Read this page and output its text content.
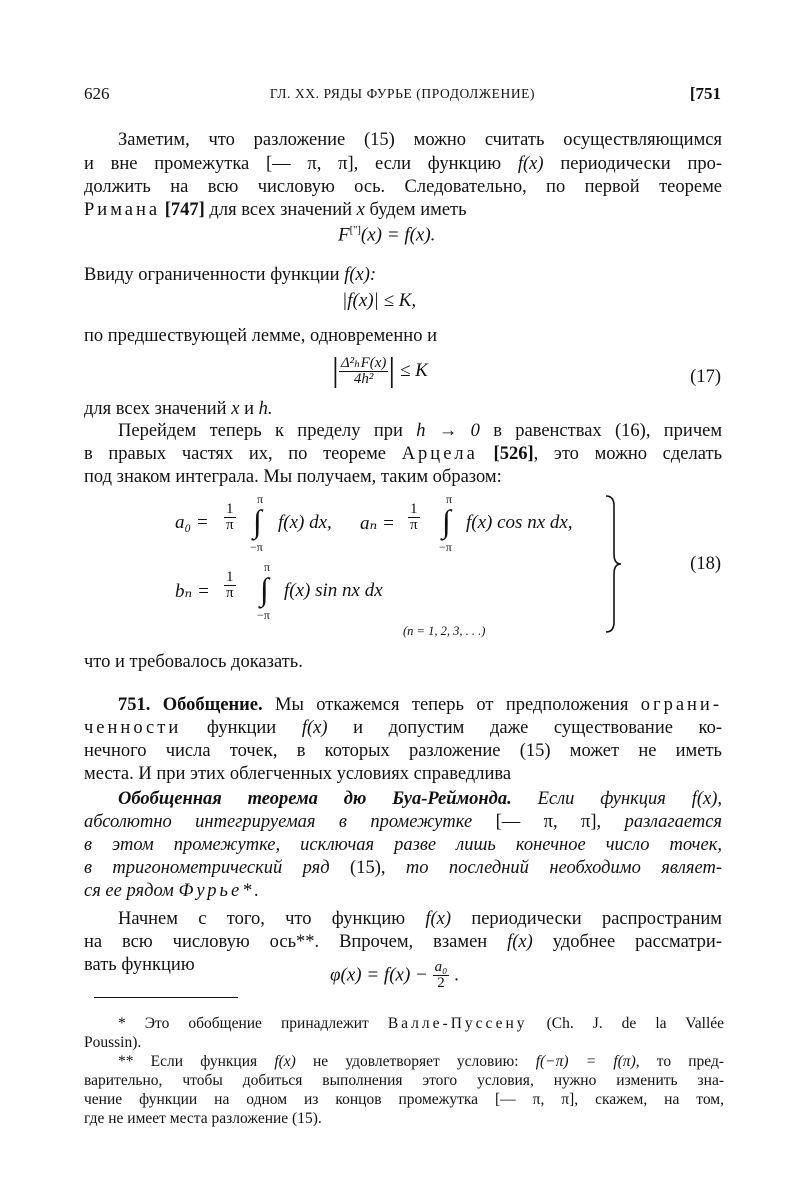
626	ГЛ. XX. РЯДЫ ФУРЬЕ (ПРОДОЛЖЕНИЕ)	[751
Заметим, что разложение (15) можно считать осуществляющимся
и вне промежутка [— π, π], если функцию f(x) периодически про-
должить на всю числовую ось. Следовательно, по первой теореме
Римана [747] для всех значений x будем иметь
F[''](x) = f(x).
Ввиду ограниченности функции f(x):
|f(x)| ≤ K,
по предшествующей лемме, одновременно и
| $\frac{\text{Δ²ₕF(x)}}{\text{4h²}}$ | ≤ K	(17)
для всех значений x и h.
Перейдем теперь к пределу при h → 0 в равенствах (16), причем
в правых частях их, по теореме Арцела [526], это можно сделать
под знаком интеграла. Мы получаем, таким образом:
$a_0 = \frac{1}{\pi}$
π
∫
−π
f(x) dx, $a_n = \frac{1}{\pi}$
π
∫
−π
f(x) cos nx dx,
$b_n = \frac{1}{\pi}$
π
∫
−π
f(x) sin nx dx
(n = 1, 2, 3, . . .)
(18)
что и требовалось доказать.
751. Обобщение. Мы откажемся теперь от предположения ограни-
ченности функции f(x) и допустим даже существование ко-
нечного числа точек, в которых разложение (15) может не иметь
места. И при этих облегченных условиях справедлива
Обобщенная теорема дю Буа-Реймонда. Если функция f(x),
абсолютно интегрируемая в промежутке [— π, π], разлагается
в этом промежутке, исключая разве лишь конечное число точек,
в тригонометрический ряд (15), то последний необходимо являет-
ся ее рядом Фурье*.
Начнем с того, что функцию f(x) периодически распространим
на всю числовую ось**. Впрочем, взамен f(x) удобнее рассматри-
вать функцию	$\varphi(x) = f(x) - \frac{\text{a₀}}{2}$ .
* Это обобщение принадлежит Валле-Пуссену (Ch. J. de la Vallée
Poussin).
** Если функция f(x) не удовлетворяет условию: f(−π) = f(π), то пред-
варительно, чтобы добиться выполнения этого условия, нужно изменить зна-
чение функции на одном из концов промежутка [— π, π], скажем, на том,
где не имеет места разложение (15).
